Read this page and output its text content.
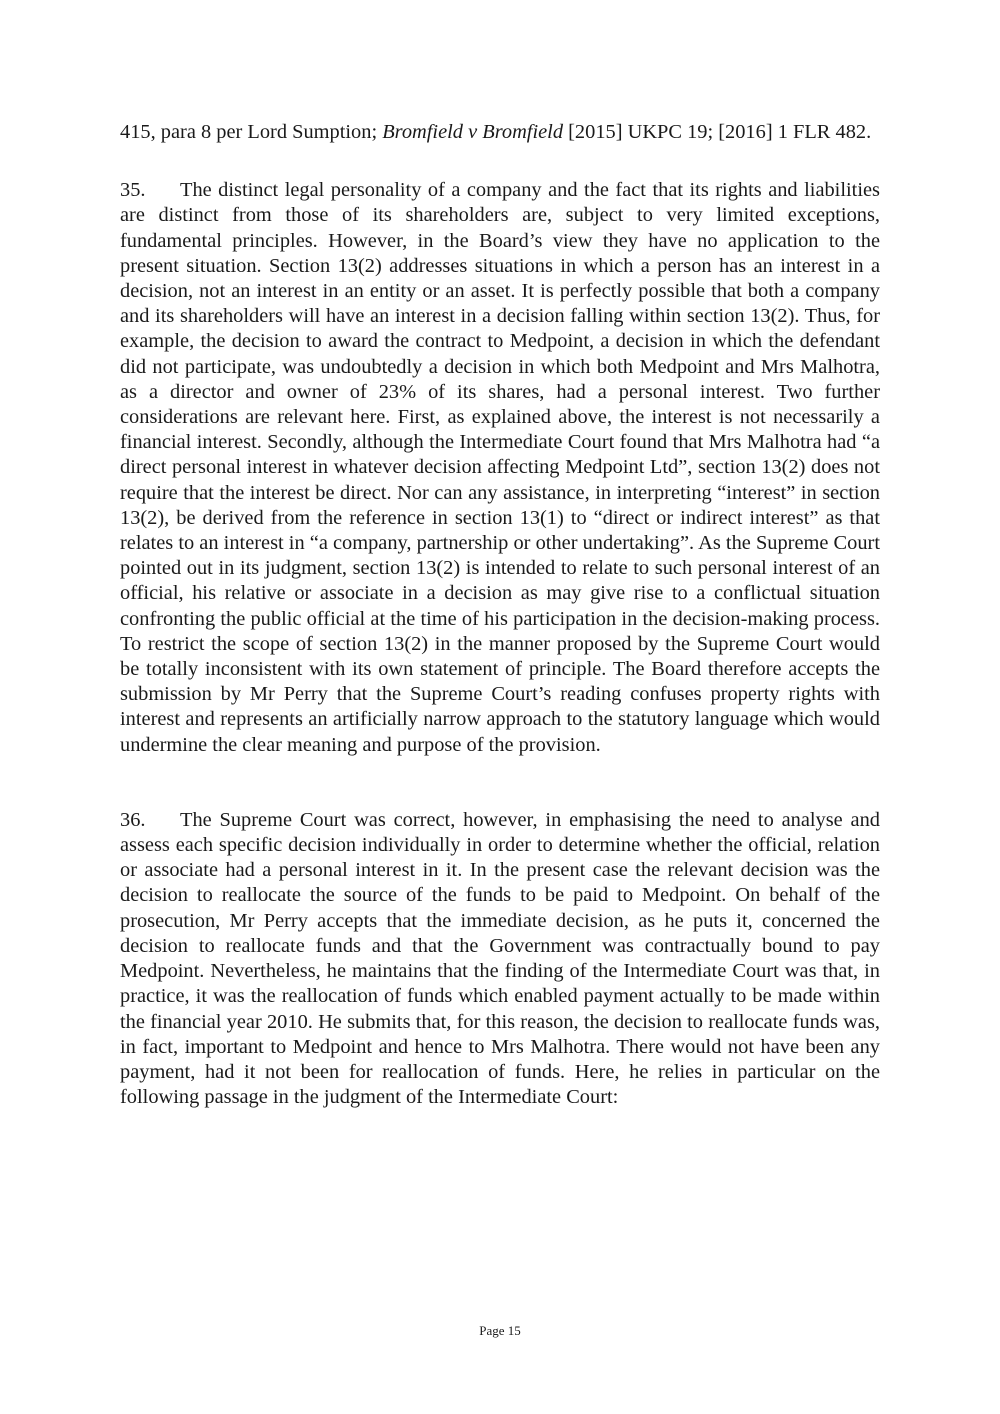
415, para 8 per Lord Sumption; Bromfield v Bromfield [2015] UKPC 19; [2016] 1 FLR 482.

35. The distinct legal personality of a company and the fact that its rights and liabilities are distinct from those of its shareholders are, subject to very limited exceptions, fundamental principles. However, in the Board’s view they have no application to the present situation. Section 13(2) addresses situations in which a person has an interest in a decision, not an interest in an entity or an asset. It is perfectly possible that both a company and its shareholders will have an interest in a decision falling within section 13(2). Thus, for example, the decision to award the contract to Medpoint, a decision in which the defendant did not participate, was undoubtedly a decision in which both Medpoint and Mrs Malhotra, as a director and owner of 23% of its shares, had a personal interest. Two further considerations are relevant here. First, as explained above, the interest is not necessarily a financial interest. Secondly, although the Intermediate Court found that Mrs Malhotra had “a direct personal interest in whatever decision affecting Medpoint Ltd”, section 13(2) does not require that the interest be direct. Nor can any assistance, in interpreting “interest” in section 13(2), be derived from the reference in section 13(1) to “direct or indirect interest” as that relates to an interest in “a company, partnership or other undertaking”. As the Supreme Court pointed out in its judgment, section 13(2) is intended to relate to such personal interest of an official, his relative or associate in a decision as may give rise to a conflictual situation confronting the public official at the time of his participation in the decision-making process. To restrict the scope of section 13(2) in the manner proposed by the Supreme Court would be totally inconsistent with its own statement of principle. The Board therefore accepts the submission by Mr Perry that the Supreme Court’s reading confuses property rights with interest and represents an artificially narrow approach to the statutory language which would undermine the clear meaning and purpose of the provision.

36. The Supreme Court was correct, however, in emphasising the need to analyse and assess each specific decision individually in order to determine whether the official, relation or associate had a personal interest in it. In the present case the relevant decision was the decision to reallocate the source of the funds to be paid to Medpoint. On behalf of the prosecution, Mr Perry accepts that the immediate decision, as he puts it, concerned the decision to reallocate funds and that the Government was contractually bound to pay Medpoint. Nevertheless, he maintains that the finding of the Intermediate Court was that, in practice, it was the reallocation of funds which enabled payment actually to be made within the financial year 2010. He submits that, for this reason, the decision to reallocate funds was, in fact, important to Medpoint and hence to Mrs Malhotra. There would not have been any payment, had it not been for reallocation of funds. Here, he relies in particular on the following passage in the judgment of the Intermediate Court:

Page 15
